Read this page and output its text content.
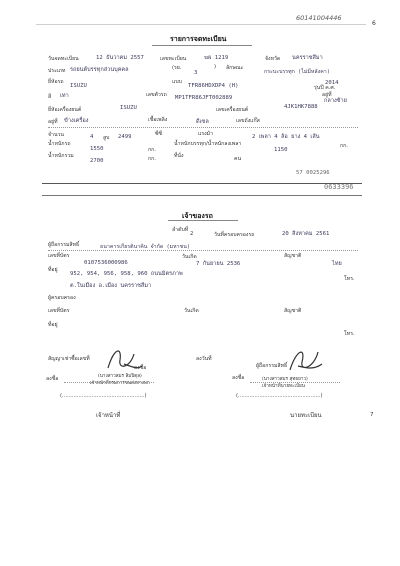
60141004446
6
รายการจดทะเบียน
วันจดทะเบียน	12 ธันวาคม 2557	เลขทะเบียน	ฆผ 1219	จังหวัด นครราชสีมา
ประเภท รถยนต์บรรทุกส่วนบุคคล	(รย.
3
) ลักษณะ
กระบะบรรทุก (ไม่มีหลังคา)
ยี่ห้อรถ
ISUZU
แบบ
TFR86HDXDP4 (H)	รุ่นปี ค.ศ.
2014
สี เทา	เลขตัวรถ MP1TFR86JFT002889	อยู่ที่
กลางซ้าย
ยี่ห้อเครื่องยนต์	ISUZU	เลขเครื่องยนต์	4JK1HK7888
อยู่ที่ ข้างเครื่อง	เชื้อเพลิง	ดีเซล	เลขถังแก๊ส
จำนวน	4 สูบ 2499	ซีซี	แรงม้า	2 เพลา 4 ล้อ ยาง 4 เส้น
น้ำหนักรถ
1550	กก.
น้ำหนักบรรทุก/น้ำหนักลงเพลา
1150
กก.
น้ำหนักรวม
2700	กก.	ที่นั่ง	คน
57 0025296
0633396
เจ้าของรถ
ลำดับที่
2	วันที่ครอบครองรถ	20 สิงหาคม 2561
ผู้ถือกรรมสิทธิ์	ธนาคารเกียรตินาคิน จำกัด (มหาชน)
เลขที่บัตร
0107536000986
วันเกิด
7 กันยายน 2536
สัญชาติ
ไทย
ที่อยู่
952, 954, 956, 958, 960 ถนนมิตรภาพ
ต.ในเมือง อ.เมือง นครราชสีมา
โทร.
ผู้ครอบครอง
เลขที่บัตร	วันเกิด	สัญชาติ
ที่อยู่
โทร.
สัญญาเช่าซื้อเลขที่	ลงวันที่
ลงชื่อ
(นางสาวสมร ลิมปิดุล)
เจ้าหน้าที่กรมการขนส่งทางบก
ลงชื่อ
ผู้ถือกรรมสิทธิ์
ลงชื่อ	(นางสาวสมร สุทธยาว)
เจ้าหน้าที่นายทะเบียน
(..................................................)	(..................................................)
เจ้าหน้าที่	นายทะเบียน	7
